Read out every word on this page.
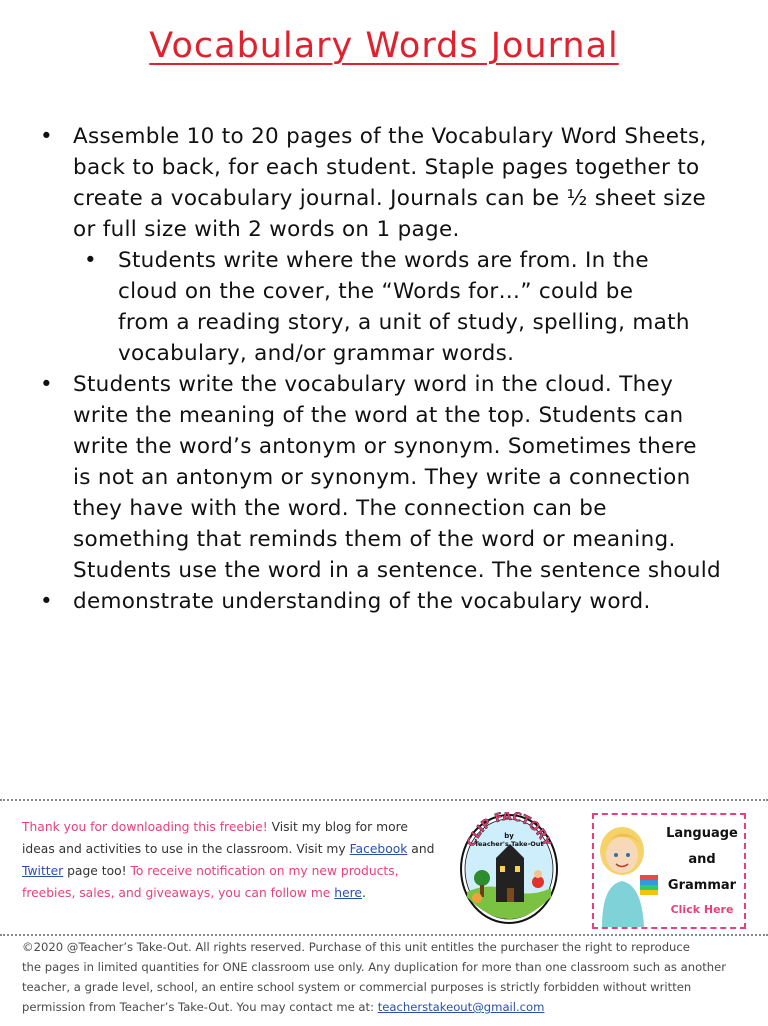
Vocabulary Words Journal
• Assemble 10 to 20 pages of the Vocabulary Word Sheets,
back to back, for each student. Staple pages together to
create a vocabulary journal. Journals can be ½ sheet size
or full size with 2 words on 1 page.
• Students write where the words are from. In the
cloud on the cover, the “Words for…” could be
from a reading story, a unit of study, spelling, math
vocabulary, and/or grammar words.
• Students write the vocabulary word in the cloud. They
write the meaning of the word at the top. Students can
write the word’s antonym or synonym. Sometimes there
is not an antonym or synonym. They write a connection
they have with the word. The connection can be
something that reminds them of the word or meaning.
Students use the word in a sentence. The sentence should
• demonstrate understanding of the vocabulary word.
Thank you for downloading this freebie! Visit my blog for more
ideas and activities to use in the classroom. Visit my Facebook and
Twitter page too! To receive notification on my new products,
freebies, sales, and giveaways, you can follow me here.
CLIP FACTORY
by
Teacher's Take-Out
Language
and
Grammar
Click Here
©2020 @Teacher’s Take-Out. All rights reserved. Purchase of this unit entitles the purchaser the right to reproduce
the pages in limited quantities for ONE classroom use only. Any duplication for more than one classroom such as another
teacher, a grade level, school, an entire school system or commercial purposes is strictly forbidden without written
permission from Teacher’s Take-Out. You may contact me at: teacherstakeout@gmail.com
